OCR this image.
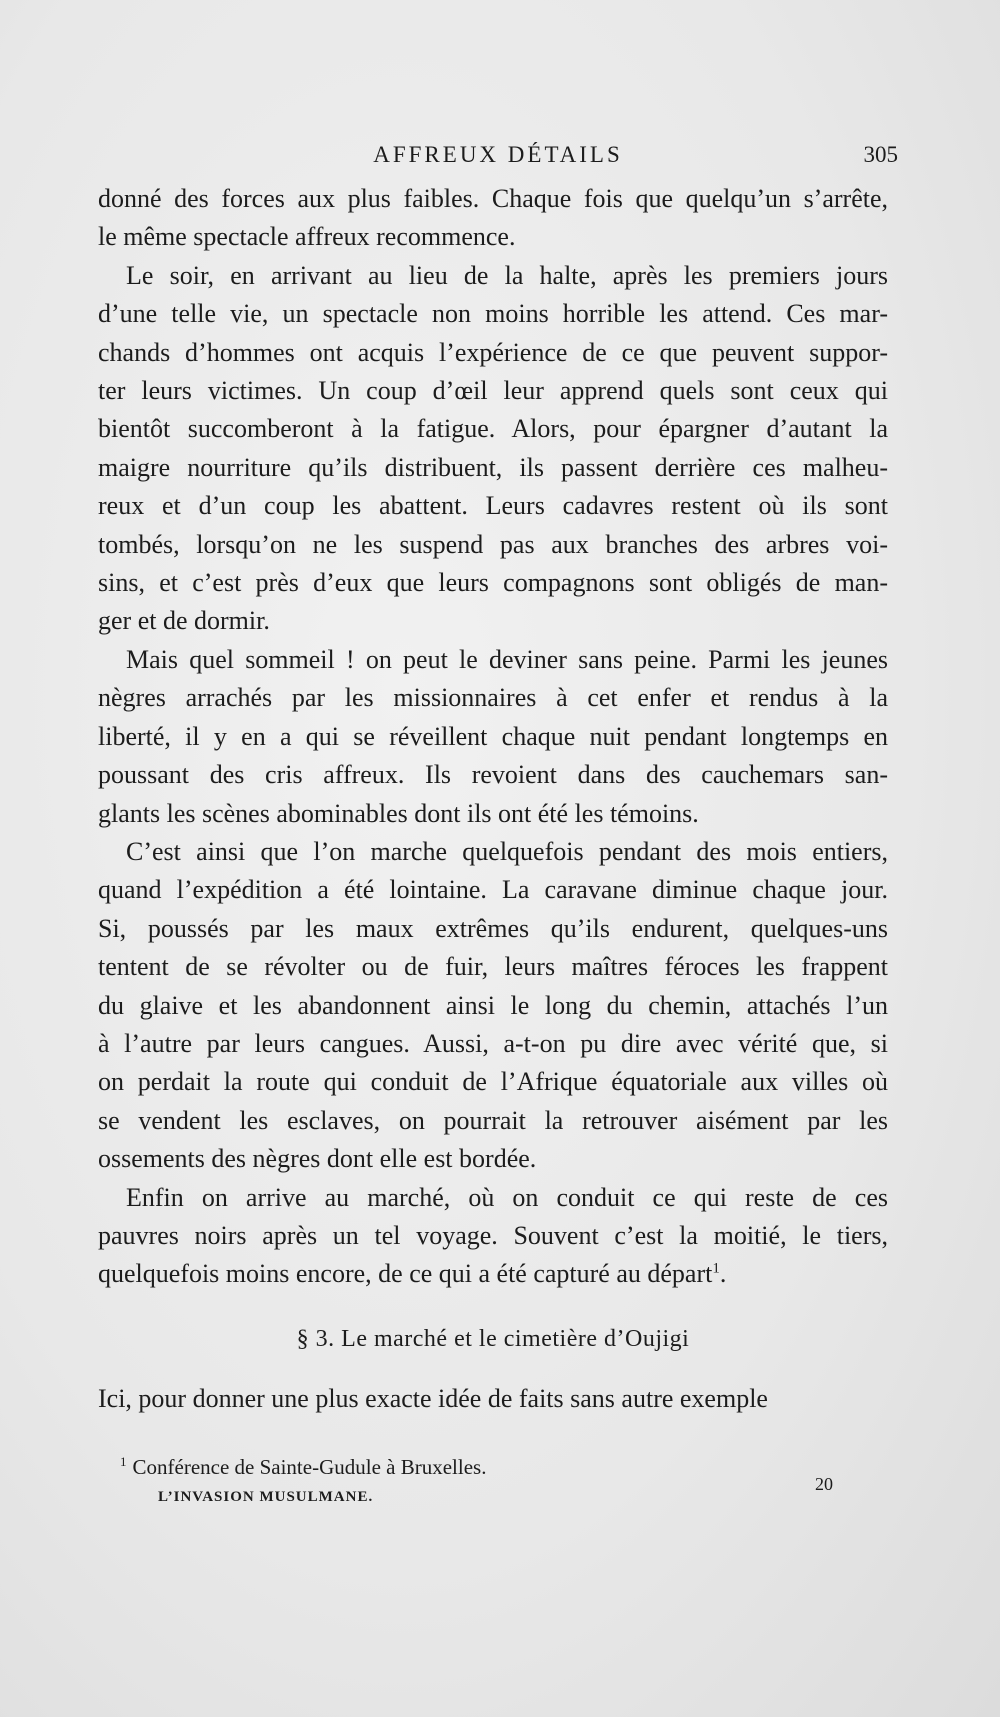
AFFREUX DÉTAILS	305
donné des forces aux plus faibles. Chaque fois que quelqu’un s’arrête,
le même spectacle affreux recommence.
Le soir, en arrivant au lieu de la halte, après les premiers jours
d’une telle vie, un spectacle non moins horrible les attend. Ces mar-
chands d’hommes ont acquis l’expérience de ce que peuvent suppor-
ter leurs victimes. Un coup d’œil leur apprend quels sont ceux qui
bientôt succomberont à la fatigue. Alors, pour épargner d’autant la
maigre nourriture qu’ils distribuent, ils passent derrière ces malheu-
reux et d’un coup les abattent. Leurs cadavres restent où ils sont
tombés, lorsqu’on ne les suspend pas aux branches des arbres voi-
sins, et c’est près d’eux que leurs compagnons sont obligés de man-
ger et de dormir.
Mais quel sommeil ! on peut le deviner sans peine. Parmi les jeunes
nègres arrachés par les missionnaires à cet enfer et rendus à la
liberté, il y en a qui se réveillent chaque nuit pendant longtemps en
poussant des cris affreux. Ils revoient dans des cauchemars san-
glants les scènes abominables dont ils ont été les témoins.
C’est ainsi que l’on marche quelquefois pendant des mois entiers,
quand l’expédition a été lointaine. La caravane diminue chaque jour.
Si, poussés par les maux extrêmes qu’ils endurent, quelques-uns
tentent de se révolter ou de fuir, leurs maîtres féroces les frappent
du glaive et les abandonnent ainsi le long du chemin, attachés l’un
à l’autre par leurs cangues. Aussi, a-t-on pu dire avec vérité que, si
on perdait la route qui conduit de l’Afrique équatoriale aux villes où
se vendent les esclaves, on pourrait la retrouver aisément par les
ossements des nègres dont elle est bordée.
Enfin on arrive au marché, où on conduit ce qui reste de ces
pauvres noirs après un tel voyage. Souvent c’est la moitié, le tiers,
quelquefois moins encore, de ce qui a été capturé au départ$^1$.
§ 3. Le marché et le cimetière d’Oujigi
Ici, pour donner une plus exacte idée de faits sans autre exemple
$^1$ Conférence de Sainte-Gudule à Bruxelles.
L’INVASION MUSULMANE.
20
